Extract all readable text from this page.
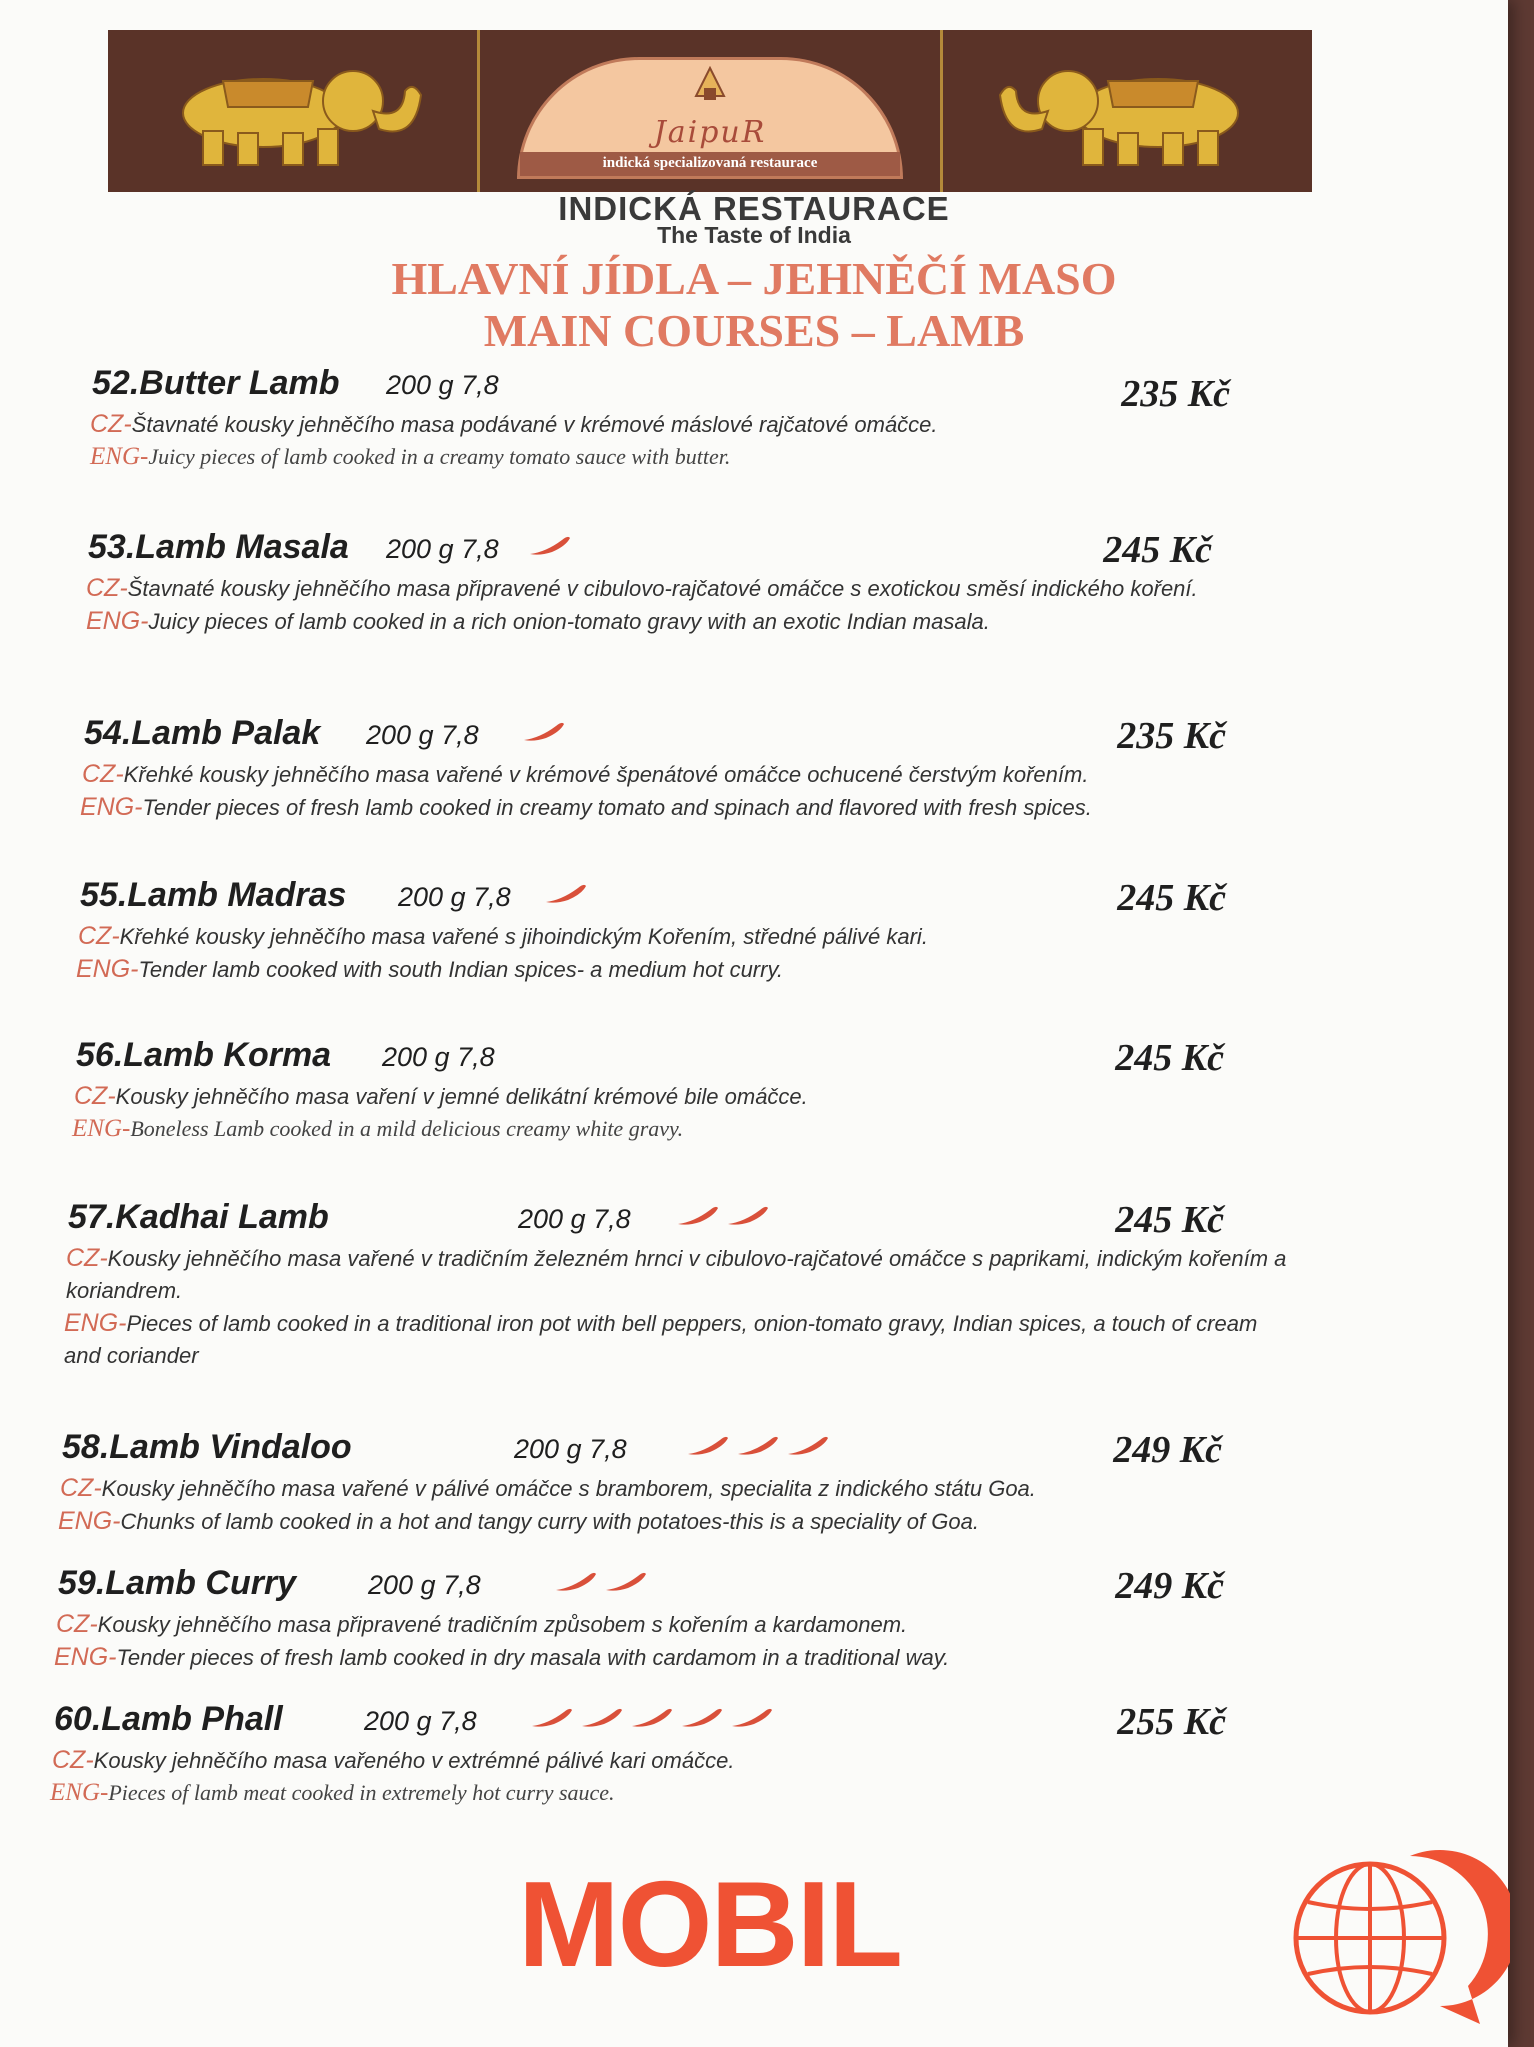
JaipuR
indická specializovaná restaurace
INDICKÁ RESTAURACE
The Taste of India
HLAVNÍ JÍDLA – JEHNĚČÍ MASO
MAIN COURSES – LAMB
52.Butter Lamb 200 g 7,8	235 Kč
CZ-Štavnaté kousky jehněčího masa podávané v krémové máslové rajčatové omáčce.
ENG-Juicy pieces of lamb cooked in a creamy tomato sauce with butter.
53.Lamb Masala 200 g 7,8	245 Kč
CZ-Štavnaté kousky jehněčího masa připravené v cibulovo-rajčatové omáčce s exotickou směsí indického koření.
ENG-Juicy pieces of lamb cooked in a rich onion-tomato gravy with an exotic Indian masala.
54.Lamb Palak 200 g 7,8	235 Kč
CZ-Křehké kousky jehněčího masa vařené v krémové špenátové omáčce ochucené čerstvým kořením.
ENG-Tender pieces of fresh lamb cooked in creamy tomato and spinach and flavored with fresh spices.
55.Lamb Madras 200 g 7,8	245 Kč
CZ-Křehké kousky jehněčího masa vařené s jihoindickým Kořením, středné pálivé kari.
ENG-Tender lamb cooked with south Indian spices- a medium hot curry.
56.Lamb Korma 200 g 7,8	245 Kč
CZ-Kousky jehněčího masa vaření v jemné delikátní krémové bile omáčce.
ENG-Boneless Lamb cooked in a mild delicious creamy white gravy.
57.Kadhai Lamb	200 g 7,8	245 Kč
CZ-Kousky jehněčího masa vařené v tradičním železném hrnci v cibulovo-rajčatové omáčce s paprikami, indickým kořením a koriandrem.
ENG-Pieces of lamb cooked in a traditional iron pot with bell peppers, onion-tomato gravy, Indian spices, a touch of cream and coriander
58.Lamb Vindaloo	200 g 7,8	249 Kč
CZ-Kousky jehněčího masa vařené v pálivé omáčce s bramborem, specialita z indického státu Goa.
ENG-Chunks of lamb cooked in a hot and tangy curry with potatoes-this is a speciality of Goa.
59.Lamb Curry	200 g 7,8	249 Kč
CZ-Kousky jehněčího masa připravené tradičním způsobem s kořením a kardamonem.
ENG-Tender pieces of fresh lamb cooked in dry masala with cardamom in a traditional way.
60.Lamb Phall	200 g 7,8	255 Kč
CZ-Kousky jehněčího masa vařeného v extrémné pálivé kari omáčce.
ENG-Pieces of lamb meat cooked in extremely hot curry sauce.
MOBIL
